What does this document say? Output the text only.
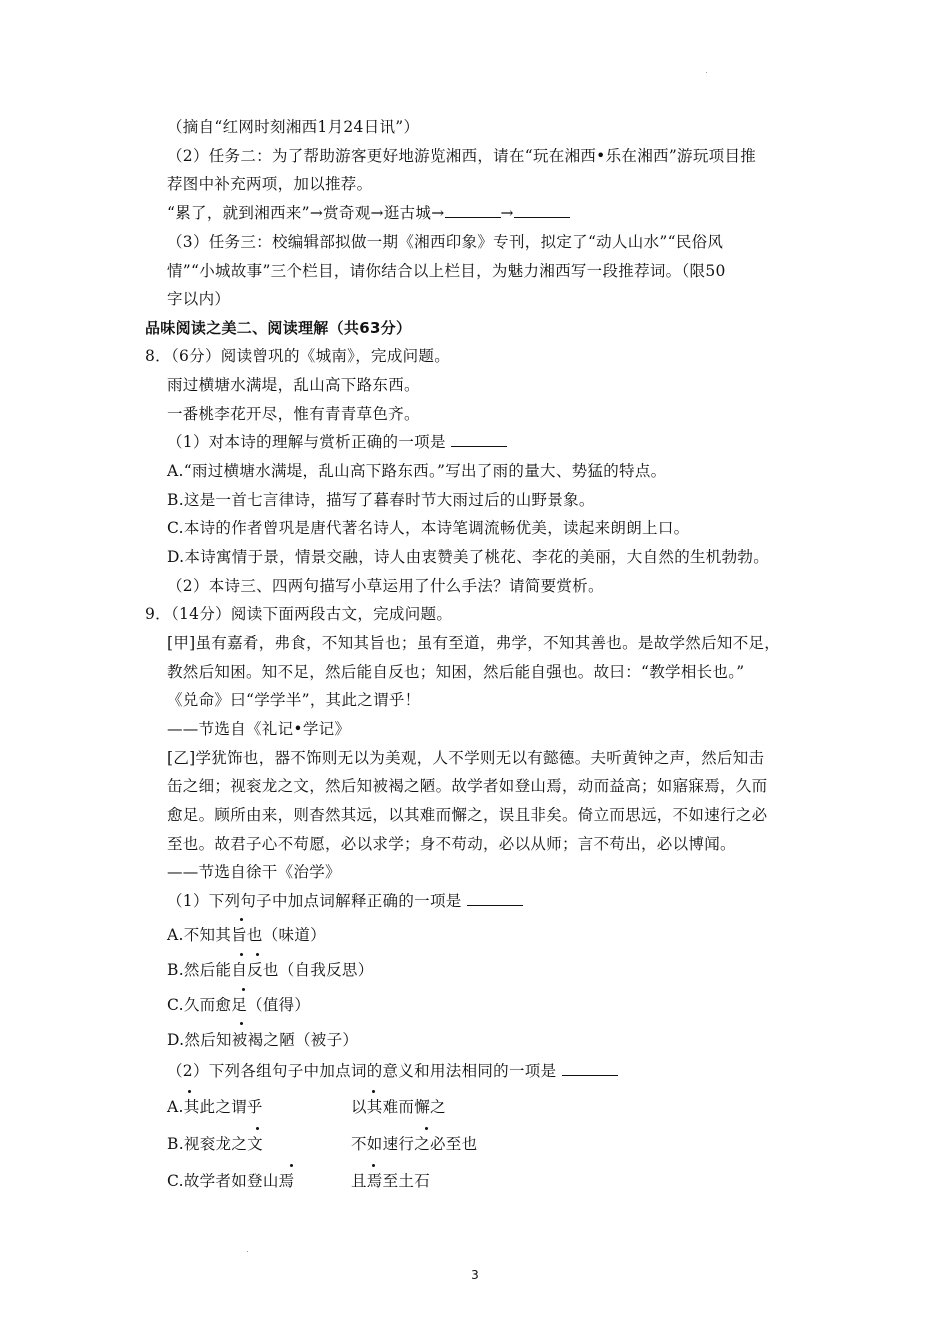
（摘自“红网时刻湘西1月24日讯”）
（2）任务二：为了帮助游客更好地游览湘西，请在“玩在湘西•乐在湘西”游玩项目推
荐图中补充两项，加以推荐。
“累了，就到湘西来”→赏奇观→逛古城→	→
（3）任务三：校编辑部拟做一期《湘西印象》专刊，拟定了“动人山水”“民俗风
情”“小城故事”三个栏目，请你结合以上栏目，为魅力湘西写一段推荐词。（限50
字以内）
品味阅读之美二、阅读理解（共63分）
8．（6分）阅读曾巩的《城南》，完成问题。
雨过横塘水满堤，乱山高下路东西。
一番桃李花开尽，惟有青青草色齐。
（1）对本诗的理解与赏析正确的一项是
A.“雨过横塘水满堤，乱山高下路东西。”写出了雨的量大、势猛的特点。
B.这是一首七言律诗，描写了暮春时节大雨过后的山野景象。
C.本诗的作者曾巩是唐代著名诗人，本诗笔调流畅优美，读起来朗朗上口。
D.本诗寓情于景，情景交融，诗人由衷赞美了桃花、李花的美丽，大自然的生机勃勃。
（2）本诗三、四两句描写小草运用了什么手法？请简要赏析。
9．（14分）阅读下面两段古文，完成问题。
[甲]虽有嘉肴，弗食，不知其旨也；虽有至道，弗学，不知其善也。是故学然后知不足，
教然后知困。知不足，然后能自反也；知困，然后能自强也。故曰：“教学相长也。”
《兑命》曰“学学半”，其此之谓乎！
——节选自《礼记•学记》
[乙]学犹饰也，器不饰则无以为美观，人不学则无以有懿德。夫听黄钟之声，然后知击
缶之细；视衮龙之文，然后知被褐之陋。故学者如登山焉，动而益高；如寤寐焉，久而
愈足。顾所由来，则杳然其远，以其难而懈之，误且非矣。倚立而思远，不如速行之必
至也。故君子心不苟愿，必以求学；身不苟动，必以从师；言不苟出，必以博闻。
——节选自徐干《治学》
（1）下列句子中加点词解释正确的一项是
A.不知其旨也（味道）
B.然后能自反也（自我反思）
C.久而愈足（值得）
D.然后知被褐之陋（被子）
（2）下列各组句子中加点词的意义和用法相同的一项是
A.其此之谓乎	以其难而懈之
B.视衮龙之文	不如速行之必至也
C.故学者如登山焉	且焉至土石
3
